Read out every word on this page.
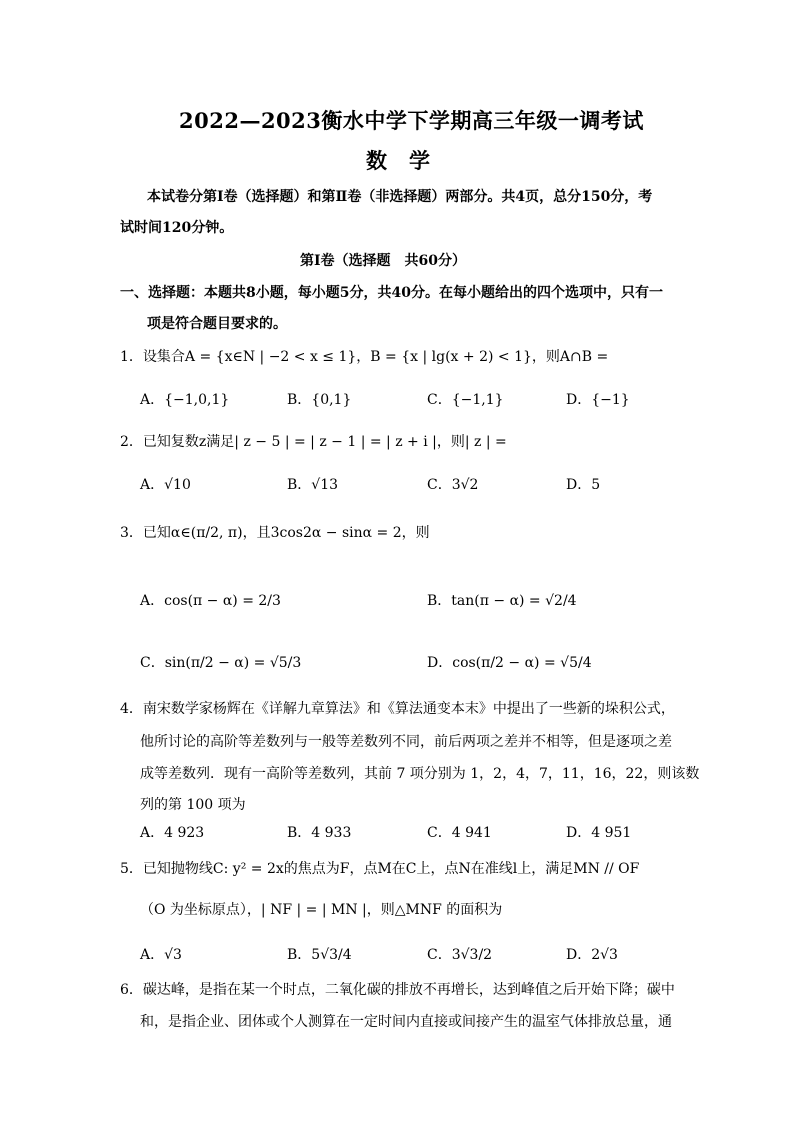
2022—2023衡水中学下学期高三年级一调考试
数学
本试卷分第Ⅰ卷（选择题）和第Ⅱ卷（非选择题）两部分。共4页，总分150分，考
试时间120分钟。
第Ⅰ卷（选择题　共60分）
一、选择题：本题共8小题，每小题5分，共40分。在每小题给出的四个选项中，只有一
项是符合题目要求的。
1．设集合A = {x∈N | −2 < x ≤ 1}，B = {x | lg(x + 2) < 1}，则A∩B =
A．{−1,0,1}	B．{0,1}	C．{−1,1}	D．{−1}
2．已知复数z满足| z − 5 | = | z − 1 | = | z + i |，则| z | =
A．√10	B．√13	C．3√2	D．5
3．已知α∈(π/2, π)，且3cos2α − sinα = 2，则
A．cos(π − α) = 2/3	B．tan(π − α) = √2/4
C．sin(π/2 − α) = √5/3	D．cos(π/2 − α) = √5/4
4．南宋数学家杨辉在《详解九章算法》和《算法通变本末》中提出了一些新的垛积公式，
他所讨论的高阶等差数列与一般等差数列不同，前后两项之差并不相等，但是逐项之差
成等差数列．现有一高阶等差数列，其前 7 项分别为 1，2，4，7，11，16，22，则该数
列的第 100 项为
A．4 923	B．4 933	C．4 941	D．4 951
5．已知抛物线C: y² = 2x的焦点为F，点M在C上，点N在准线l上，满足MN // OF
（O 为坐标原点），| NF | = | MN |，则△MNF 的面积为
A．√3	B．5√3/4	C．3√3/2	D．2√3
6．碳达峰，是指在某一个时点，二氧化碳的排放不再增长，达到峰值之后开始下降；碳中
和，是指企业、团体或个人测算在一定时间内直接或间接产生的温室气体排放总量，通
